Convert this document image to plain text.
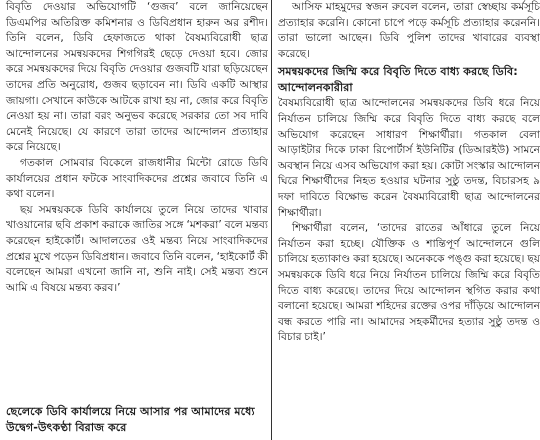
বিবৃতি দেওয়ার অভিযোগটি ‘গুজব’ বলে জানিয়েছেন ডিএমপির অতিরিক্ত কমিশনার ও ডিবিপ্রধান হারুন অর রশীদ। তিনি বলেন, ডিবি হেফাজতে থাকা বৈষম্যবিরোধী ছাত্র আন্দোলনের সমন্বয়কদের শিগগিরই ছেড়ে দেওয়া হবে। জোর করে সমন্বয়কদের দিয়ে বিবৃতি দেওয়ার গুজবটি যারা ছড়িয়েছেন তাদের প্রতি অনুরোধ, গুজব ছড়াবেন না। ডিবি একটি আস্থার জায়গা। সেখানে কাউকে আটকে রাখা হয় না, জোর করে বিবৃতি নেওয়া হয় না। তারা বরং অনুভব করেছে সরকার তো সব দাবি মেনেই নিয়েছে। যে কারণে তারা তাদের আন্দোলন প্রত্যাহার করে নিয়েছে।

গতকাল সোমবার বিকেলে রাজধানীর মিন্টো রোডে ডিবি কার্যালয়ের প্রধান ফটকে সাংবাদিকদের প্রশ্নের জবাবে তিনি এ কথা বলেন।

ছয় সমন্বয়ককে ডিবি কার্যালয়ে তুলে নিয়ে তাদের খাবার খাওয়ানোর ছবি প্রকাশ করাকে জাতির সঙ্গে ‘মশকরা’ বলে মন্তব্য করেছেন হাইকোর্ট। আদালতের ওই মন্তব্য নিয়ে সাংবাদিকদের প্রশ্নের মুখে পড়েন ডিবিপ্রধান। জবাবে তিনি বলেন, ‘হাইকোর্ট কী বলেছেন আমরা এখনো জানি না, শুনি নাই। সেই মন্তব্য শুনে আমি এ বিষয়ে মন্তব্য করব।’

ছেলেকে ডিবি কার্যালয়ে নিয়ে আসার পর আমাদের মধ্যে উদ্বেগ-উৎকণ্ঠা বিরাজ করে

আসিফ মাহমুদের স্বজন রুবেল বলেন, তারা স্বেচ্ছায় কর্মসূচি প্রত্যাহার করেনি। কোনো চাপে পড়ে কর্মসূচি প্রত্যাহার করেননি। তারা ভালো আছেন। ডিবি পুলিশ তাদের খাবারের ব্যবস্থা করেছে।

সমন্বয়কদের জিম্মি করে বিবৃতি দিতে বাধ্য করছে ডিবি: আন্দোলনকারীরা

বৈষম্যবিরোধী ছাত্র আন্দোলনের সমন্বয়কদের ডিবি ধরে নিয়ে নির্যাতন চালিয়ে জিম্মি করে বিবৃতি দিতে বাধ্য করছে বলে অভিযোগ করেছেন সাধারণ শিক্ষার্থীরা। গতকাল বেলা আড়াইটার দিকে ঢাকা রিপোর্টার্স ইউনিটির (ডিআরইউ) সামনে অবস্থান নিয়ে এসব অভিযোগ করা হয়। কোটা সংস্কার আন্দোলন ঘিরে শিক্ষার্থীদের নিহত হওয়ার ঘটনার সুষ্ঠু তদন্ত, বিচারসহ ৯ দফা দাবিতে বিক্ষোভ করেন বৈষম্যবিরোধী ছাত্র আন্দোলনের শিক্ষার্থীরা।

শিক্ষার্থীরা বলেন, ‘তাদের রাতের আঁধারে তুলে নিয়ে নির্যাতন করা হচ্ছে। যৌক্তিক ও শান্তিপূর্ণ আন্দোলনে গুলি চালিয়ে হত্যাকাণ্ড করা হয়েছে। অনেককে পঙ্গু করা হয়েছে। ছয় সমন্বয়ককে ডিবি ধরে নিয়ে নির্যাতন চালিয়ে জিম্মি করে বিবৃতি দিতে বাধ্য করেছে। তাদের দিয়ে আন্দোলন স্থগিত করার কথা বলানো হয়েছে। আমরা শহিদের রক্তের ওপর দাঁড়িয়ে আন্দোলন বন্ধ করতে পারি না। আমাদের সহকর্মীদের হত্যার সুষ্ঠু তদন্ত ও বিচার চাই।’
